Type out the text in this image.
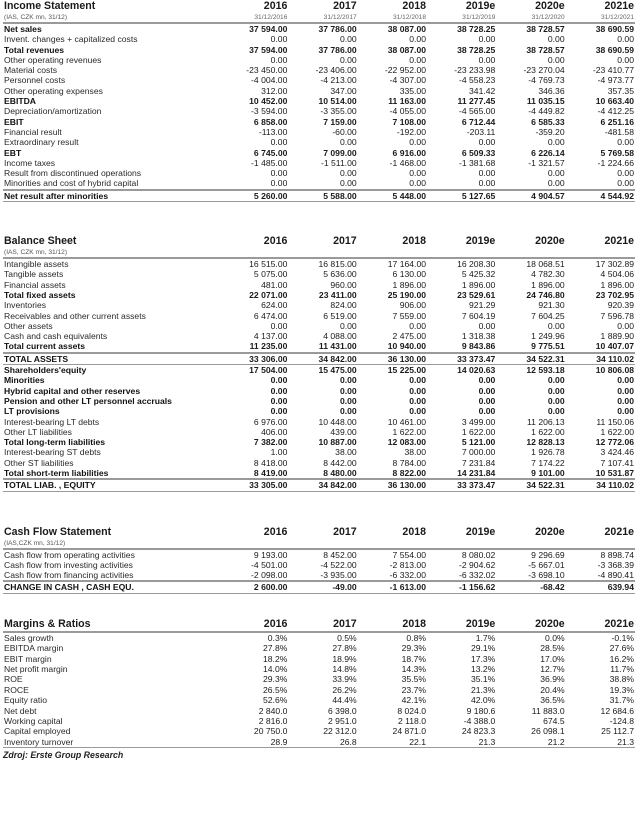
Income Statement	2016	2017	2018	2019e	2020e	2021e
(IAS, CZK mn, 31/12)	31/12/2016	31/12/2017	31/12/2018	31/12/2019	31/12/2020	31/12/2021
Net sales	37 594.00	37 786.00	38 087.00	38 728.25	38 728.57	38 690.59
Invent. changes + capitalized costs	0.00	0.00	0.00	0.00	0.00	0.00
Total revenues	37 594.00	37 786.00	38 087.00	38 728.25	38 728.57	38 690.59
Other operating revenues	0.00	0.00	0.00	0.00	0.00	0.00
Material costs	-23 450.00	-23 406.00	-22 952.00	-23 233.98	-23 270.04	-23 410.77
Personnel costs	-4 004.00	-4 213.00	-4 307.00	-4 558.23	-4 769.73	-4 973.77
Other operating expenses	312.00	347.00	335.00	341.42	346.36	357.35
EBITDA	10 452.00	10 514.00	11 163.00	11 277.45	11 035.15	10 663.40
Depreciation/amortization	-3 594.00	-3 355.00	-4 055.00	-4 565.00	-4 449.82	-4 412.25
EBIT	6 858.00	7 159.00	7 108.00	6 712.44	6 585.33	6 251.16
Financial result	-113.00	-60.00	-192.00	-203.11	-359.20	-481.58
Extraordinary result	0.00	0.00	0.00	0.00	0.00	0.00
EBT	6 745.00	7 099.00	6 916.00	6 509.33	6 226.14	5 769.58
Income taxes	-1 485.00	-1 511.00	-1 468.00	-1 381.68	-1 321.57	-1 224.66
Result from discontinued operations	0.00	0.00	0.00	0.00	0.00	0.00
Minorities and cost of hybrid capital	0.00	0.00	0.00	0.00	0.00	0.00
Net result after minorities	5 260.00	5 588.00	5 448.00	5 127.65	4 904.57	4 544.92
Balance Sheet	2016	2017	2018	2019e	2020e	2021e
(IAS, CZK mn, 31/12)						
Intangible assets	16 515.00	16 815.00	17 164.00	16 208.30	18 068.51	17 302.89
Tangible assets	5 075.00	5 636.00	6 130.00	5 425.32	4 782.30	4 504.06
Financial assets	481.00	960.00	1 896.00	1 896.00	1 896.00	1 896.00
Total fixed assets	22 071.00	23 411.00	25 190.00	23 529.61	24 746.80	23 702.95
Inventories	624.00	824.00	906.00	921.29	921.30	920.39
Receivables and other current assets	6 474.00	6 519.00	7 559.00	7 604.19	7 604.25	7 596.78
Other assets	0.00	0.00	0.00	0.00	0.00	0.00
Cash and cash equivalents	4 137.00	4 088.00	2 475.00	1 318.38	1 249.96	1 889.90
Total current assets	11 235.00	11 431.00	10 940.00	9 843.86	9 775.51	10 407.07
TOTAL ASSETS	33 306.00	34 842.00	36 130.00	33 373.47	34 522.31	34 110.02
Shareholders'equity	17 504.00	15 475.00	15 225.00	14 020.63	12 593.18	10 806.08
Minorities	0.00	0.00	0.00	0.00	0.00	0.00
Hybrid capital and other reserves	0.00	0.00	0.00	0.00	0.00	0.00
Pension and other LT personnel accruals	0.00	0.00	0.00	0.00	0.00	0.00
LT provisions	0.00	0.00	0.00	0.00	0.00	0.00
Interest-bearing LT debts	6 976.00	10 448.00	10 461.00	3 499.00	11 206.13	11 150.06
Other LT liabilities	406.00	439.00	1 622.00	1 622.00	1 622.00	1 622.00
Total long-term liabilities	7 382.00	10 887.00	12 083.00	5 121.00	12 828.13	12 772.06
Interest-bearing ST debts	1.00	38.00	38.00	7 000.00	1 926.78	3 424.46
Other ST liabilities	8 418.00	8 442.00	8 784.00	7 231.84	7 174.22	7 107.41
Total short-term liabilities	8 419.00	8 480.00	8 822.00	14 231.84	9 101.00	10 531.87
TOTAL LIAB. , EQUITY	33 305.00	34 842.00	36 130.00	33 373.47	34 522.31	34 110.02
Cash Flow Statement	2016	2017	2018	2019e	2020e	2021e
(IAS,CZK mn, 31/12)						
Cash flow from operating activities	9 193.00	8 452.00	7 554.00	8 080.02	9 296.69	8 898.74
Cash flow from investing activities	-4 501.00	-4 522.00	-2 813.00	-2 904.62	-5 667.01	-3 368.39
Cash flow from financing activities	-2 098.00	-3 935.00	-6 332.00	-6 332.02	-3 698.10	-4 890.41
CHANGE IN CASH , CASH EQU.	2 600.00	-49.00	-1 613.00	-1 156.62	-68.42	639.94
Margins & Ratios	2016	2017	2018	2019e	2020e	2021e
Sales growth	0.3%	0.5%	0.8%	1.7%	0.0%	-0.1%
EBITDA margin	27.8%	27.8%	29.3%	29.1%	28.5%	27.6%
EBIT margin	18.2%	18.9%	18.7%	17.3%	17.0%	16.2%
Net profit margin	14.0%	14.8%	14.3%	13.2%	12.7%	11.7%
ROE	29.3%	33.9%	35.5%	35.1%	36.9%	38.8%
ROCE	26.5%	26.2%	23.7%	21.3%	20.4%	19.3%
Equity ratio	52.6%	44.4%	42.1%	42.0%	36.5%	31.7%
Net debt	2 840.0	6 398.0	8 024.0	9 180.6	11 883.0	12 684.6
Working capital	2 816.0	2 951.0	2 118.0	-4 388.0	674.5	-124.8
Capital employed	20 750.0	22 312.0	24 871.0	24 823.3	26 098.1	25 112.7
Inventory turnover	28.9	26.8	22.1	21.3	21.2	21.3
Zdroj: Erste Group Research
